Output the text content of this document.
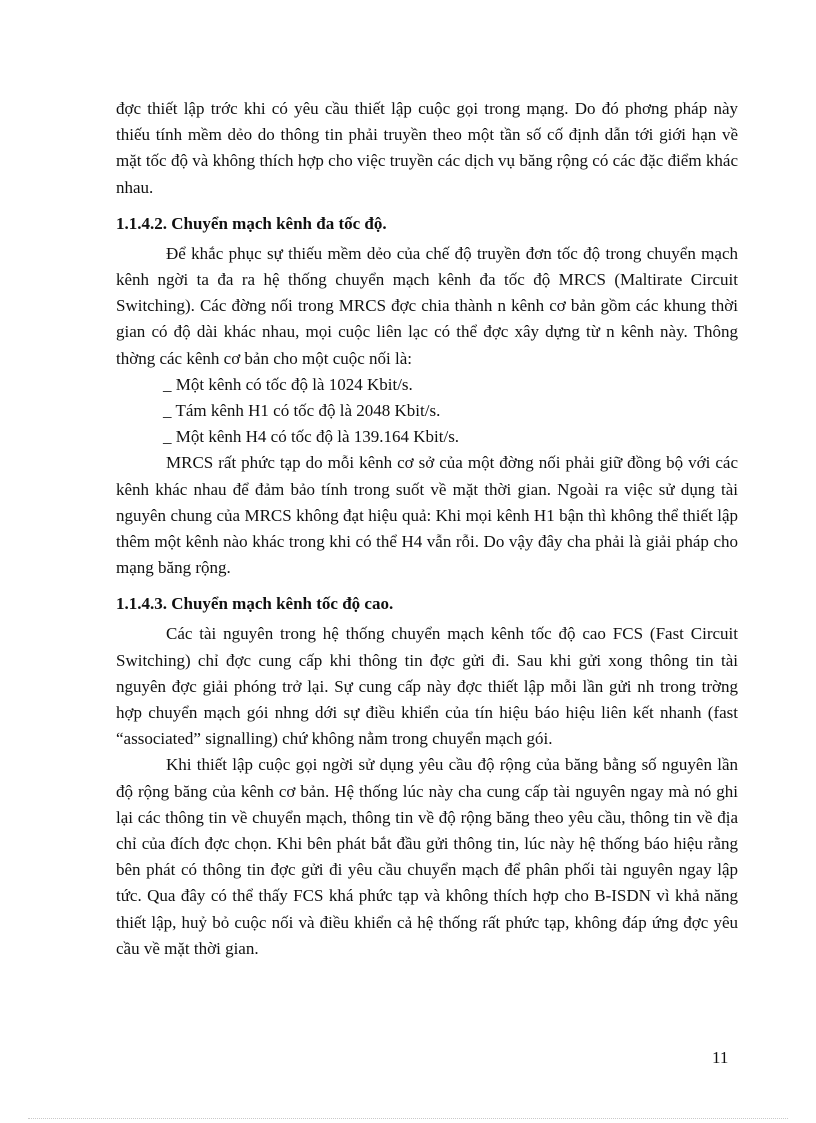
đợc thiết lập trớc khi có yêu cầu thiết lập cuộc gọi trong mạng. Do đó phơng pháp này thiếu tính mềm dẻo do thông tin phải truyền theo một tần số cố định dẫn tới giới hạn về mặt tốc độ và không thích hợp cho việc truyền các dịch vụ băng rộng có các đặc điểm khác nhau.

1.1.4.2. Chuyển mạch kênh đa tốc độ.

Để khắc phục sự thiếu mềm dẻo của chế độ truyền đơn tốc độ trong chuyển mạch kênh ngời ta đa ra hệ thống chuyển mạch kênh đa tốc độ MRCS (Maltirate Circuit Switching). Các đờng nối trong MRCS đợc chia thành n kênh cơ bản gồm các khung thời gian có độ dài khác nhau, mọi cuộc liên lạc có thể đợc xây dựng từ n kênh này. Thông thờng các kênh cơ bản cho một cuộc nối là:

_ Một kênh có tốc độ là 1024 Kbit/s.

_ Tám kênh H1 có tốc độ là 2048 Kbit/s.

_ Một kênh H4 có tốc độ là 139.164 Kbit/s.

MRCS rất phức tạp do mỗi kênh cơ sở của một đờng nối phải giữ đồng bộ với các kênh khác nhau để đảm bảo tính trong suốt về mặt thời gian. Ngoài ra việc sử dụng tài nguyên chung của MRCS không đạt hiệu quả: Khi mọi kênh H1 bận thì không thể thiết lập thêm một kênh nào khác trong khi có thể H4 vẫn rỗi. Do vậy đây cha phải là giải pháp cho mạng băng rộng.

1.1.4.3. Chuyển mạch kênh tốc độ cao.

Các tài nguyên trong hệ thống chuyển mạch kênh tốc độ cao FCS (Fast Circuit Switching) chỉ đợc cung cấp khi thông tin đợc gửi đi. Sau khi gửi xong thông tin tài nguyên đợc giải phóng trở lại. Sự cung cấp này đợc thiết lập mỗi lần gửi nh trong trờng hợp chuyển mạch gói nhng dới sự điều khiển của tín hiệu báo hiệu liên kết nhanh (fast “associated” signalling) chứ không nằm trong chuyển mạch gói.

Khi thiết lập cuộc gọi ngời sử dụng yêu cầu độ rộng của băng bằng số nguyên lần độ rộng băng của kênh cơ bản. Hệ thống lúc này cha cung cấp tài nguyên ngay mà nó ghi lại các thông tin về chuyển mạch, thông tin về độ rộng băng theo yêu cầu, thông tin về địa chỉ của đích đợc chọn. Khi bên phát bắt đầu gửi thông tin, lúc này hệ thống báo hiệu rằng bên phát có thông tin đợc gửi đi yêu cầu chuyển mạch để phân phối tài nguyên ngay lập tức. Qua đây có thể thấy FCS khá phức tạp và không thích hợp cho B-ISDN vì khả năng thiết lập, huỷ bỏ cuộc nối và điều khiển cả hệ thống rất phức tạp, không đáp ứng đợc yêu cầu về mặt thời gian.

11
